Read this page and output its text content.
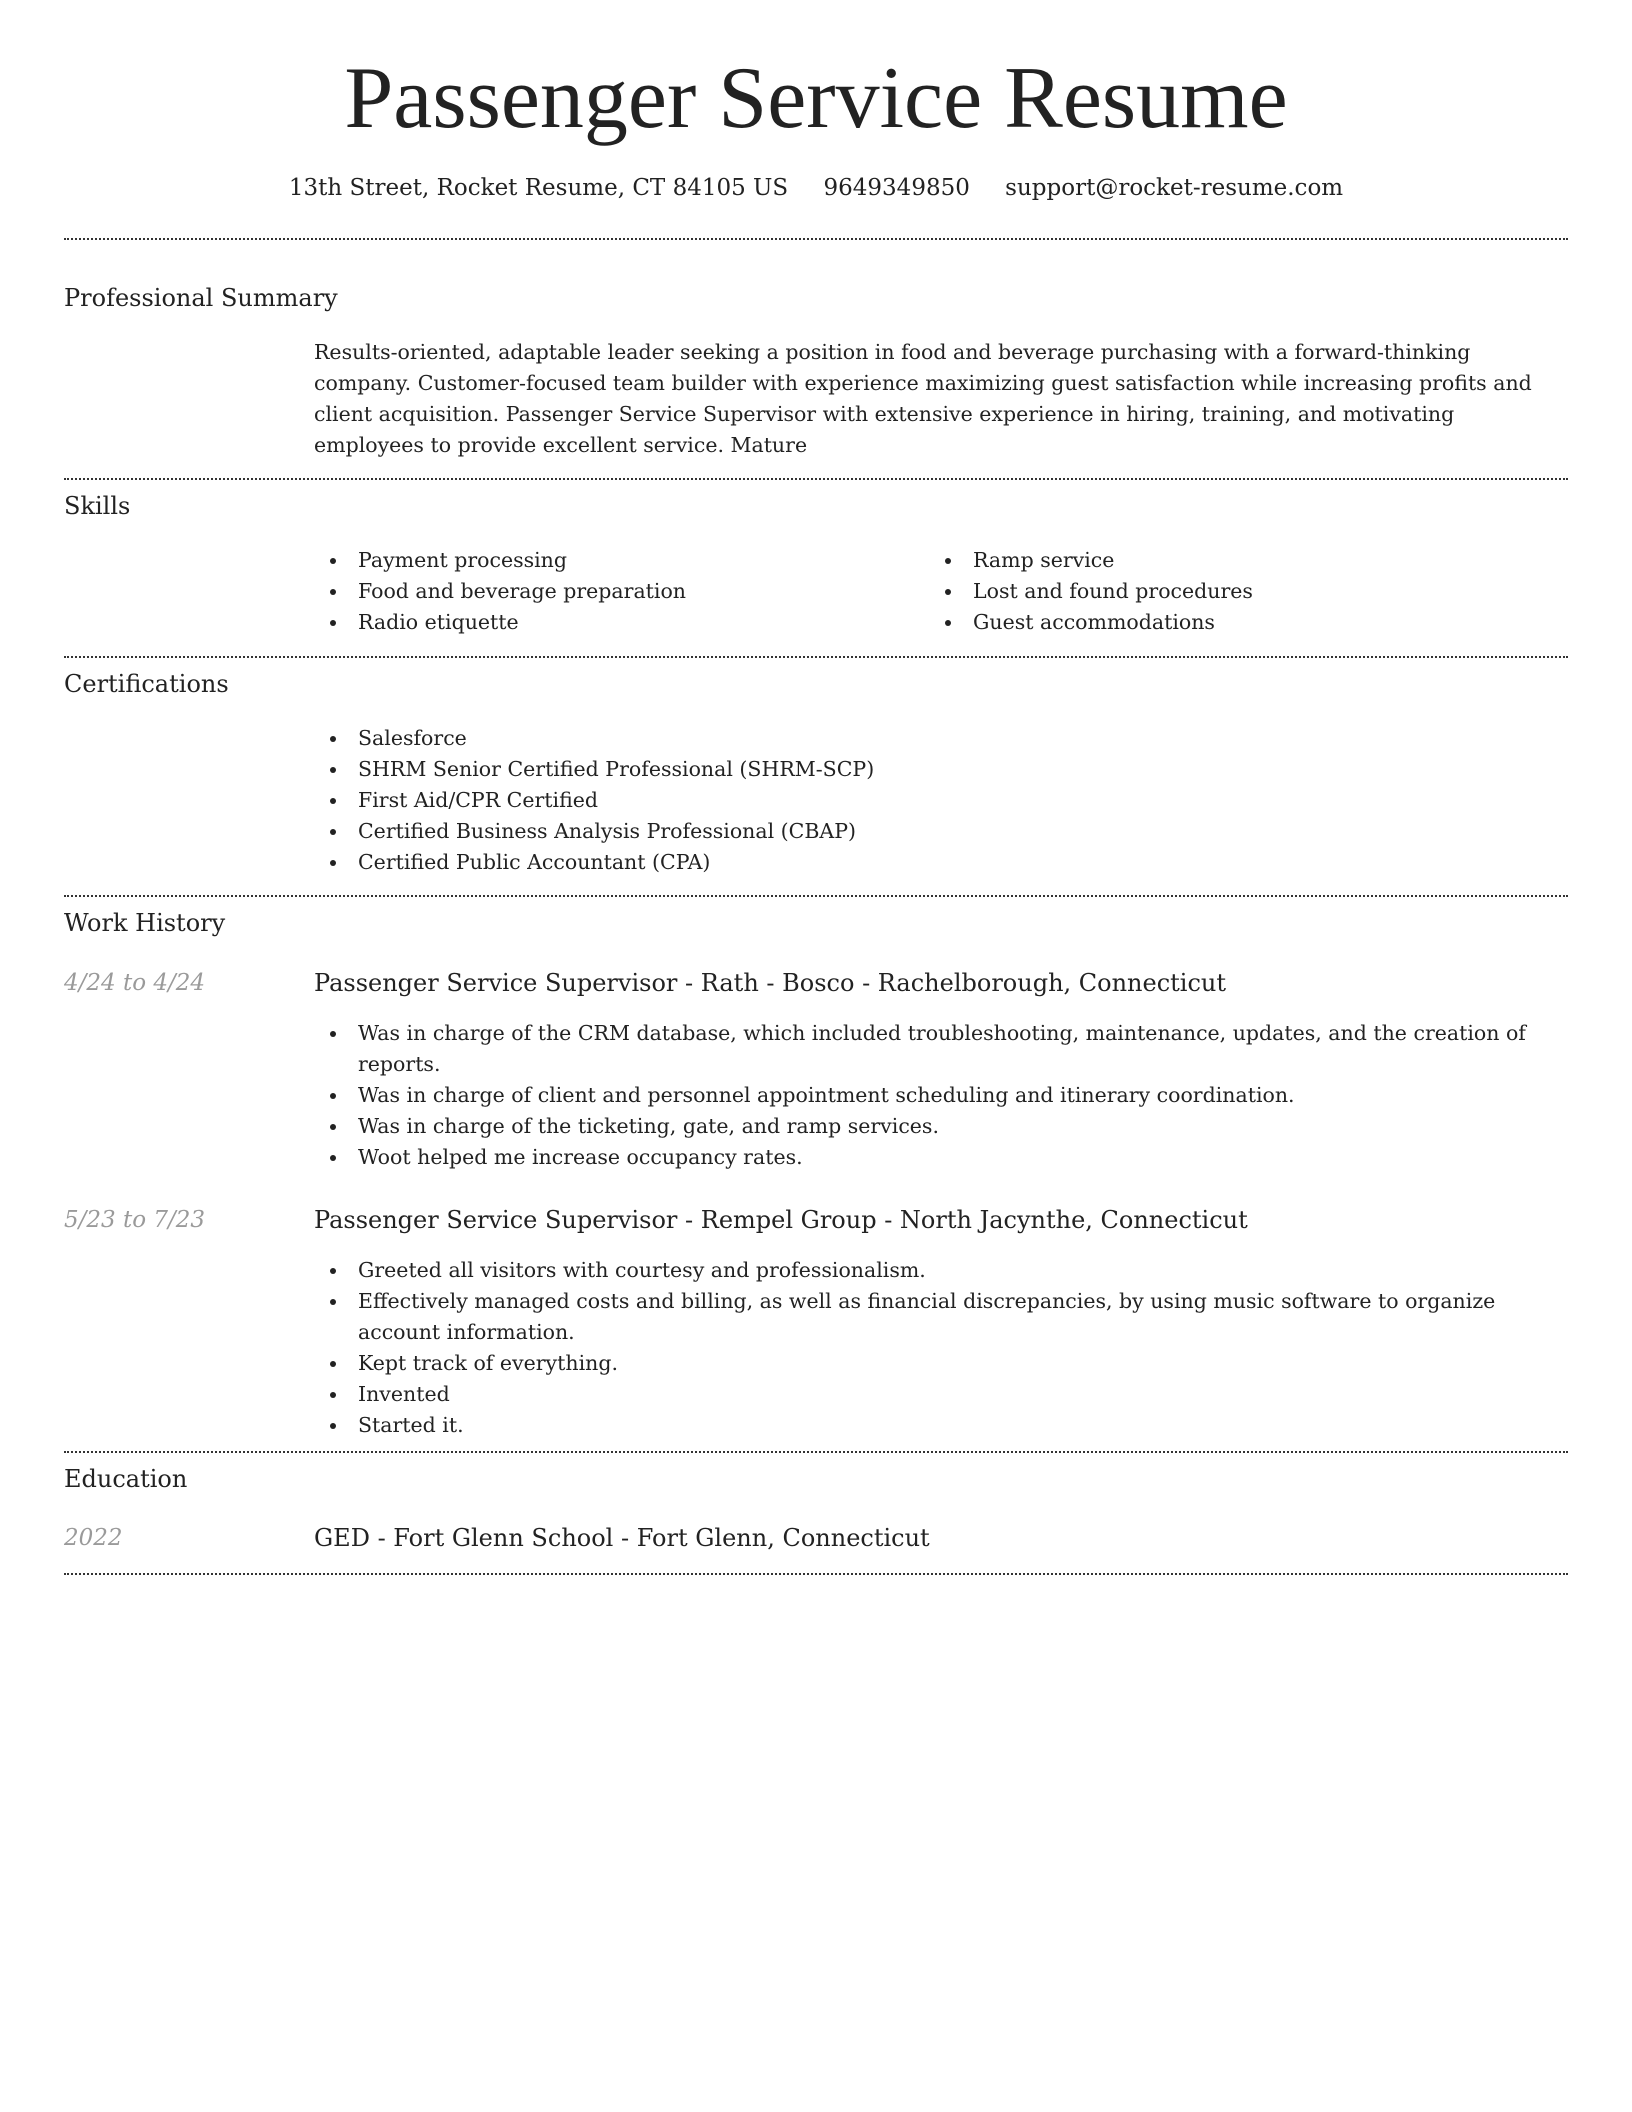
Passenger Service Resume
13th Street, Rocket Resume, CT 84105 US 9649349850 support@rocket-resume.com
Professional Summary
Results-oriented, adaptable leader seeking a position in food and beverage purchasing with a forward-thinking company. Customer-focused team builder with experience maximizing guest satisfaction while increasing profits and client acquisition. Passenger Service Supervisor with extensive experience in hiring, training, and motivating employees to provide excellent service. Mature
Skills
Payment processing
Food and beverage preparation
Radio etiquette
Ramp service
Lost and found procedures
Guest accommodations
Certifications
Salesforce
SHRM Senior Certified Professional (SHRM-SCP)
First Aid/CPR Certified
Certified Business Analysis Professional (CBAP)
Certified Public Accountant (CPA)
Work History
4/24 to 4/24	Passenger Service Supervisor - Rath - Bosco - Rachelborough, Connecticut
Was in charge of the CRM database, which included troubleshooting, maintenance, updates, and the creation of reports.
Was in charge of client and personnel appointment scheduling and itinerary coordination.
Was in charge of the ticketing, gate, and ramp services.
Woot helped me increase occupancy rates.
5/23 to 7/23	Passenger Service Supervisor - Rempel Group - North Jacynthe, Connecticut
Greeted all visitors with courtesy and professionalism.
Effectively managed costs and billing, as well as financial discrepancies, by using music software to organize account information.
Kept track of everything.
Invented
Started it.
Education
2022	GED - Fort Glenn School - Fort Glenn, Connecticut
